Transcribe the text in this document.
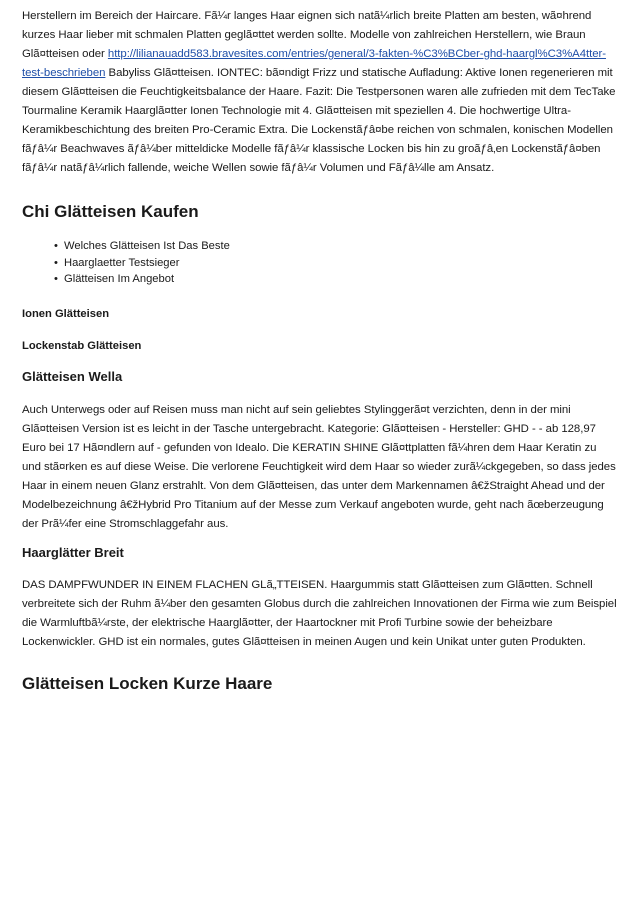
Herstellern im Bereich der Haircare. Fã¼r langes Haar eignen sich natã¼rlich breite Platten am besten, wã¤hrend kurzes Haar lieber mit schmalen Platten geglã¤ttet werden sollte. Modelle von zahlreichen Herstellern, wie Braun Glã¤tteisen oder http://lilianauadd583.bravesites.com/entries/general/3-fakten-%C3%BCber-ghd-haargl%C3%A4tter-test-beschrieben Babyliss Glã¤tteisen. IONTEC: bã¤ndigt Frizz und statische Aufladung: Aktive Ionen regenerieren mit diesem Glã¤tteisen die Feuchtigkeitsbalance der Haare. Fazit: Die Testpersonen waren alle zufrieden mit dem TecTake Tourmaline Keramik Haarglã¤tter Ionen Technologie mit 4. Glã¤tteisen mit speziellen 4. Die hochwertige Ultra-Keramikbeschichtung des breiten Pro-Ceramic Extra. Die Lockenstãƒâ¤be reichen von schmalen, konischen Modellen fãƒâ¼r Beachwaves ãƒâ¼ber mitteldicke Modelle fãƒâ¼r klassische Locken bis hin zu groãƒâ‚en Lockenstãƒâ¤ben fãƒâ¼r natãƒâ¼rlich fallende, weiche Wellen sowie fãƒâ¼r Volumen und Fãƒâ¼lle am Ansatz.

Chi Glätteisen Kaufen
• Welches Glätteisen Ist Das Beste
• Haarglaetter Testsieger
• Glätteisen Im Angebot
Ionen Glätteisen
Lockenstab Glätteisen
Glätteisen Wella

Auch Unterwegs oder auf Reisen muss man nicht auf sein geliebtes Stylinggerã¤t verzichten, denn in der mini Glã¤tteisen Version ist es leicht in der Tasche untergebracht. Kategorie: Glã¤tteisen - Hersteller: GHD - - ab 128,97 Euro bei 17 Hã¤ndlern auf - gefunden von Idealo. Die KERATIN SHINE Glã¤ttplatten fã¼hren dem Haar Keratin zu und stã¤rken es auf diese Weise. Die verlorene Feuchtigkeit wird dem Haar so wieder zurã¼ckgegeben, so dass jedes Haar in einem neuen Glanz erstrahlt. Von dem Glã¤tteisen, das unter dem Markennamen â€žStraight Ahead und der Modelbezeichnung â€žHybrid Pro Titanium auf der Messe zum Verkauf angeboten wurde, geht nach ãœberzeugung der Prã¼fer eine Stromschlaggefahr aus.

Haarglätter Breit

DAS DAMPFWUNDER IN EINEM FLACHEN GLã„TTEISEN. Haargummis statt Glã¤tteisen zum Glã¤tten. Schnell verbreitete sich der Ruhm ã¼ber den gesamten Globus durch die zahlreichen Innovationen der Firma wie zum Beispiel die Warmluftbã¼rste, der elektrische Haarglã¤tter, der Haartockner mit Profi Turbine sowie der beheizbare Lockenwickler. GHD ist ein normales, gutes Glã¤tteisen in meinen Augen und kein Unikat unter guten Produkten.

Glätteisen Locken Kurze Haare
